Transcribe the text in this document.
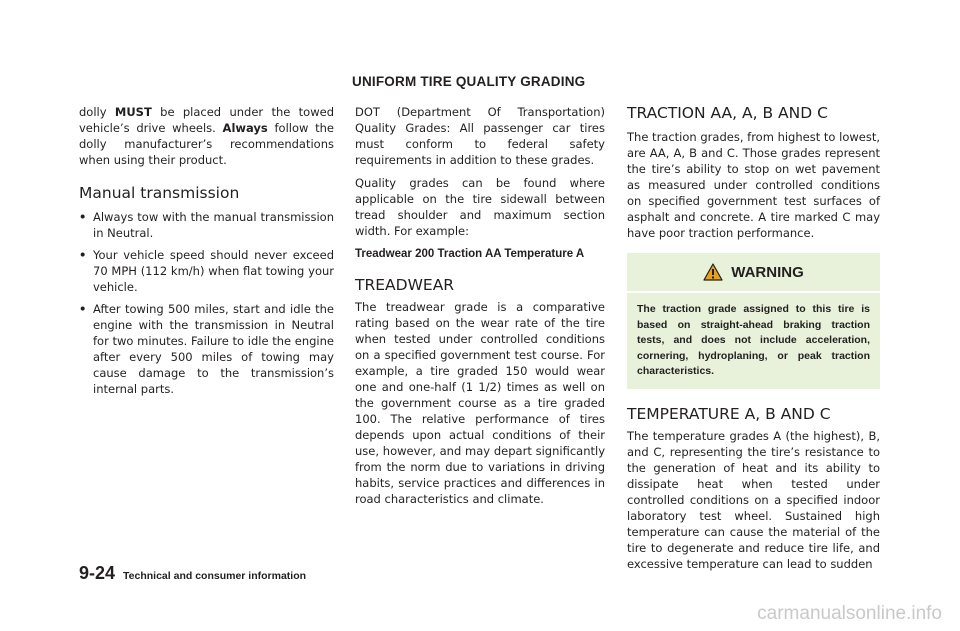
UNIFORM TIRE QUALITY GRADING

dolly MUST be placed under the towed vehicle’s drive wheels. Always follow the dolly manufacturer’s recommendations when using their product.

Manual transmission
• Always tow with the manual transmission in Neutral.
• Your vehicle speed should never exceed 70 MPH (112 km/h) when flat towing your vehicle.
• After towing 500 miles, start and idle the engine with the transmission in Neutral for two minutes. Failure to idle the engine after every 500 miles of towing may cause damage to the transmission’s internal parts.

DOT (Department Of Transportation) Quality Grades: All passenger car tires must conform to federal safety requirements in addition to these grades.

Quality grades can be found where applicable on the tire sidewall between tread shoulder and maximum section width. For example:

Treadwear 200 Traction AA Temperature A

TREADWEAR

The treadwear grade is a comparative rating based on the wear rate of the tire when tested under controlled conditions on a specified government test course. For example, a tire graded 150 would wear one and one-half (1 1/2) times as well on the government course as a tire graded 100. The relative performance of tires depends upon actual conditions of their use, however, and may depart significantly from the norm due to variations in driving habits, service practices and differences in road characteristics and climate.

TRACTION AA, A, B AND C

The traction grades, from highest to lowest, are AA, A, B and C. Those grades represent the tire’s ability to stop on wet pavement as measured under controlled conditions on specified government test surfaces of asphalt and concrete. A tire marked C may have poor traction performance.

WARNING

The traction grade assigned to this tire is based on straight-ahead braking traction tests, and does not include acceleration, cornering, hydroplaning, or peak traction characteristics.

TEMPERATURE A, B AND C

The temperature grades A (the highest), B, and C, representing the tire’s resistance to the generation of heat and its ability to dissipate heat when tested under controlled conditions on a specified indoor laboratory test wheel. Sustained high temperature can cause the material of the tire to degenerate and reduce tire life, and excessive temperature can lead to sudden

9-24 Technical and consumer information
carmanualsonline.info
